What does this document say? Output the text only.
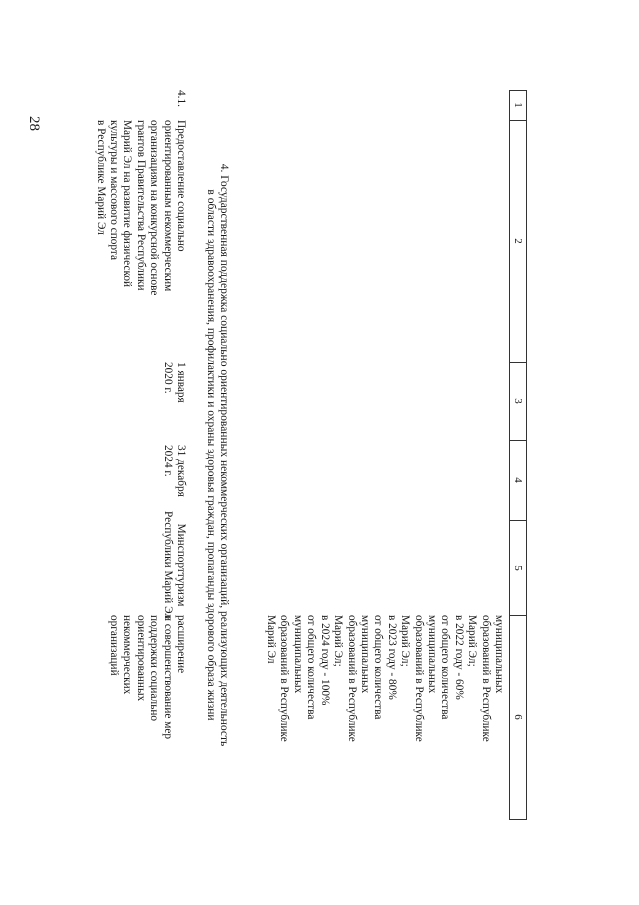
28
1
2
3
4
5
6
муниципальных
образований в Республике
Марий Эл;
в 2022 году - 60%
от общего количества
муниципальных
образований в Республике
Марий Эл;
в 2023 году - 80%
от общего количества
муниципальных
образований в Республике
Марий Эл;
в 2024 году - 100%
от общего количества
муниципальных
образований в Республике
Марий Эл
4. Государственная поддержка социально ориентированных некоммерческих организаций, реализующих деятельность
в области здравоохранения, профилактики и охраны здоровья граждан, пропаганды здорового образа жизни
4.1.
Предоставление социально
ориентированным некоммерческим
организациям на конкурсной основе
грантов Правительства Республики
Марий Эл на развитие физической
культуры и массового спорта
в Республике Марий Эл
1 января
2020 г.
31 декабря
2024 г.
Минспорттуризм
Республики Марий Эл
расширение
и совершенствование мер
поддержки социально
ориентированных
некоммерческих
организаций
